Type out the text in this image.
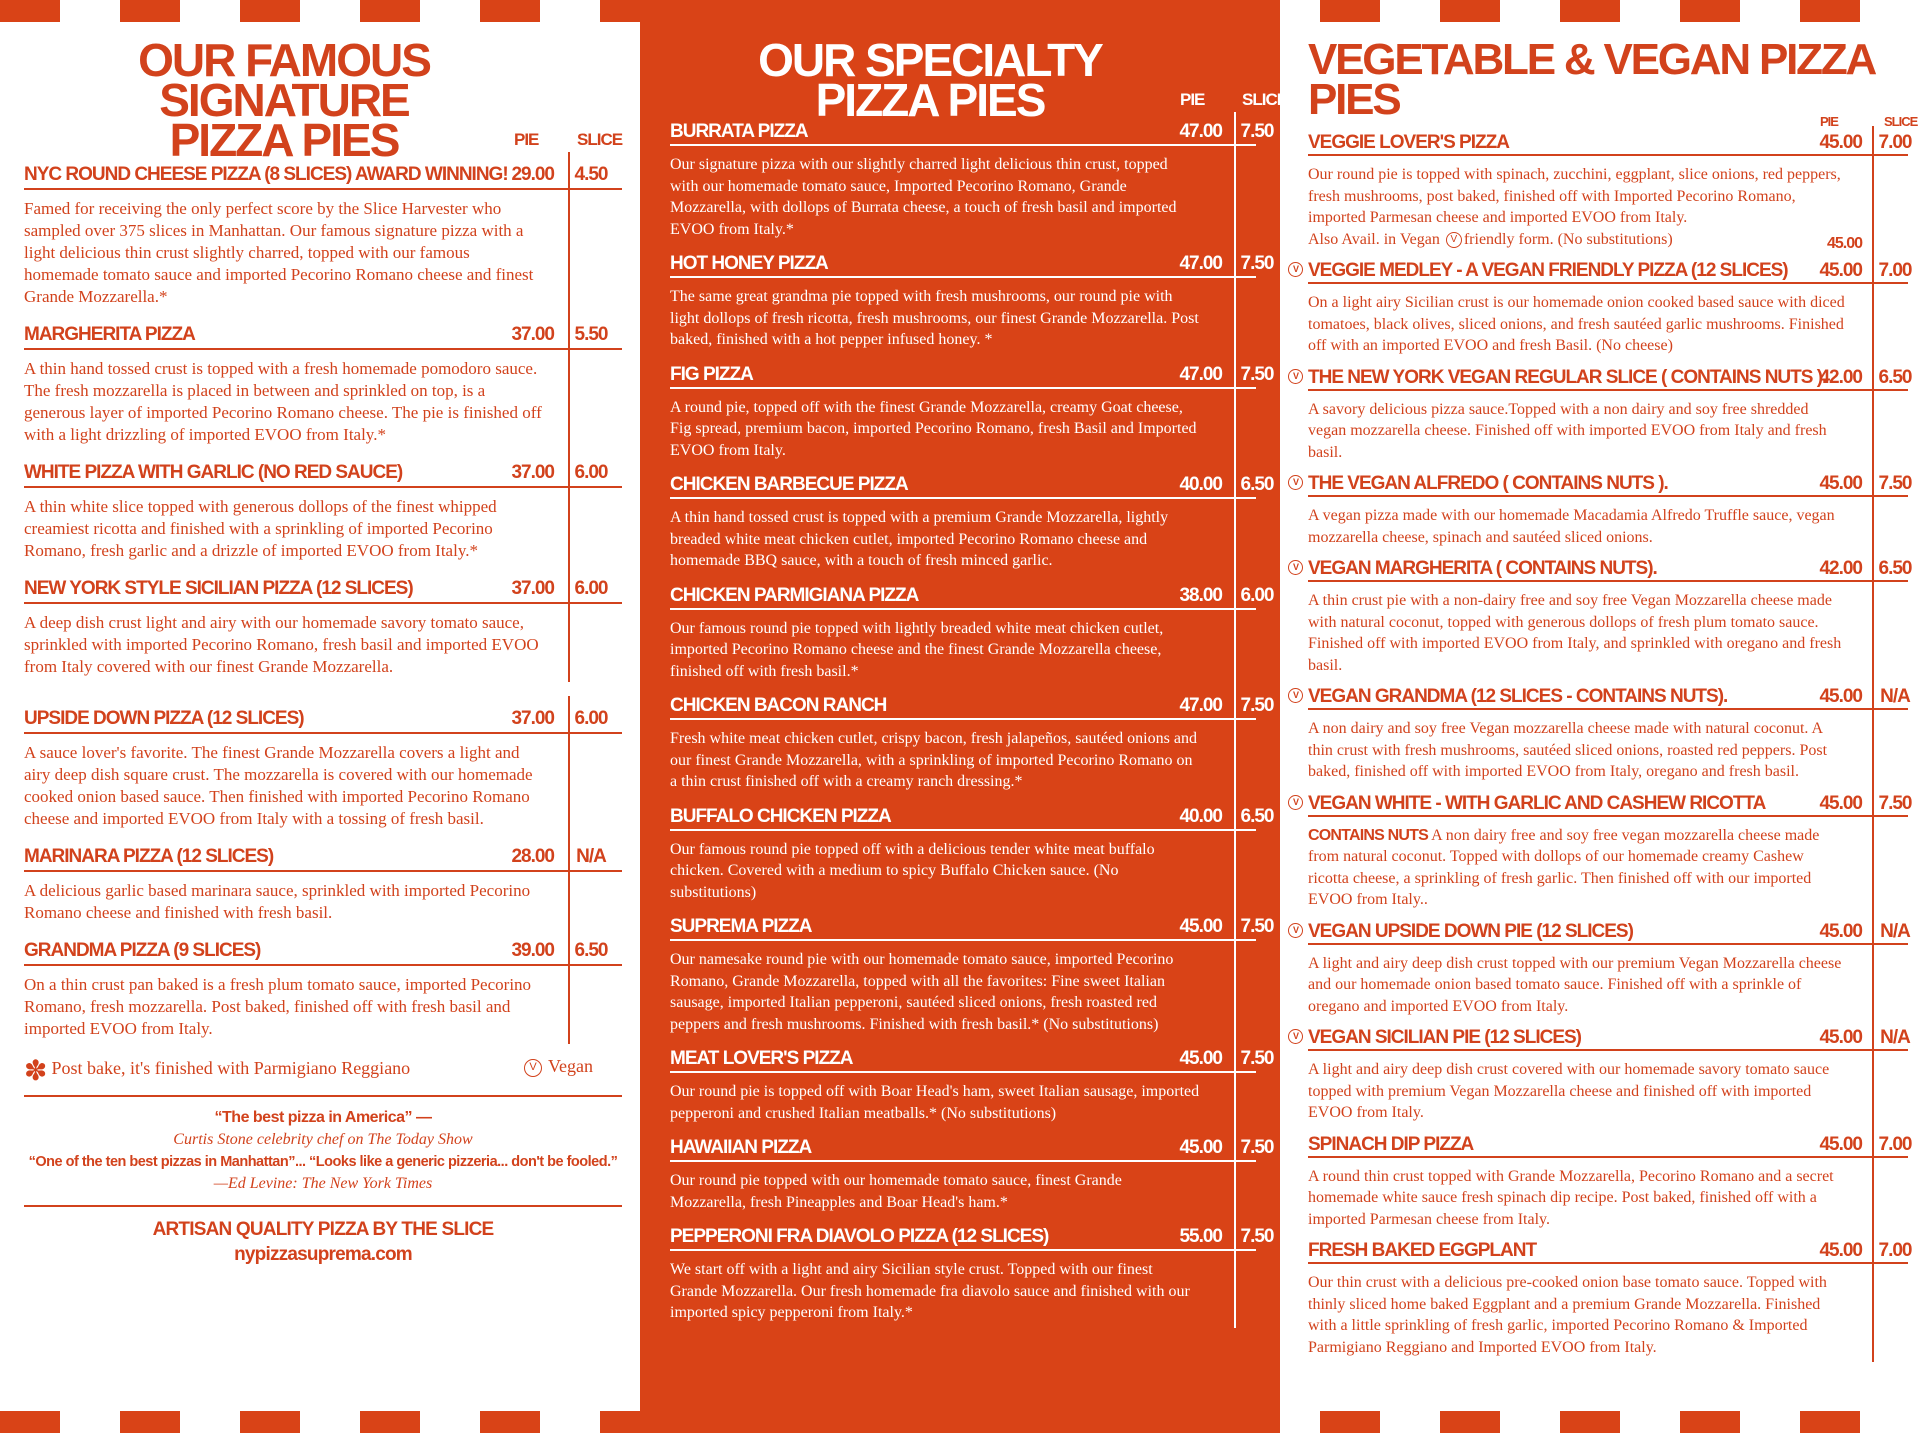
OUR FAMOUS SIGNATURE
PIZZA PIES	PIE SLICE
NYC ROUND CHEESE PIZZA (8 SLICES) AWARD WINNING! 29.00	4.50
Famed for receiving the only perfect score by the Slice Harvester who sampled over 375 slices in Manhattan. Our famous signature pizza with a light delicious thin crust slightly charred, topped with our famous homemade tomato sauce and imported Pecorino Romano cheese and finest Grande Mozzarella.*
MARGHERITA PIZZA	37.00	5.50
A thin hand tossed crust is topped with a fresh homemade pomodoro sauce. The fresh mozzarella is placed in between and sprinkled on top, is a generous layer of imported Pecorino Romano cheese. The pie is finished off with a light drizzling of imported EVOO from Italy.*
WHITE PIZZA WITH GARLIC (NO RED SAUCE)	37.00	6.00
A thin white slice topped with generous dollops of the finest whipped creamiest ricotta and finished with a sprinkling of imported Pecorino Romano, fresh garlic and a drizzle of imported EVOO from Italy.*
NEW YORK STYLE SICILIAN PIZZA (12 SLICES)	37.00	6.00
A deep dish crust light and airy with our homemade savory tomato sauce, sprinkled with imported Pecorino Romano, fresh basil and imported EVOO from Italy covered with our finest Grande Mozzarella.
UPSIDE DOWN PIZZA (12 SLICES)	37.00	6.00
A sauce lover's favorite. The finest Grande Mozzarella covers a light and airy deep dish square crust. The mozzarella is covered with our homemade cooked onion based sauce. Then finished with imported Pecorino Romano cheese and imported EVOO from Italy with a tossing of fresh basil.
MARINARA PIZZA (12 SLICES)	28.00	N/A
A delicious garlic based marinara sauce, sprinkled with imported Pecorino Romano cheese and finished with fresh basil.
GRANDMA PIZZA (9 SLICES)	39.00	6.50
On a thin crust pan baked is a fresh plum tomato sauce, imported Pecorino Romano, fresh mozzarella. Post baked, finished off with fresh basil and imported EVOO from Italy.
✽ Post bake, it's finished with Parmigiano Reggiano	V Vegan
“The best pizza in America” —
Curtis Stone celebrity chef on The Today Show
“One of the ten best pizzas in Manhattan”... “Looks like a generic pizzeria... don't be fooled.”
—Ed Levine: The New York Times
ARTISAN QUALITY PIZZA BY THE SLICE
nypizzasuprema.com
OUR SPECIALTY
PIZZA PIES	PIE SLICE
BURRATA PIZZA	47.00 7.50
Our signature pizza with our slightly charred light delicious thin crust, topped with our homemade tomato sauce, Imported Pecorino Romano, Grande Mozzarella, with dollops of Burrata cheese, a touch of fresh basil and imported EVOO from Italy.*
HOT HONEY PIZZA	47.00 7.50
The same great grandma pie topped with fresh mushrooms, our round pie with light dollops of fresh ricotta, fresh mushrooms, our finest Grande Mozzarella. Post baked, finished with a hot pepper infused honey. *
FIG PIZZA	47.00 7.50
A round pie, topped off with the finest Grande Mozzarella, creamy Goat cheese, Fig spread, premium bacon, imported Pecorino Romano, fresh Basil and Imported EVOO from Italy.
CHICKEN BARBECUE PIZZA	40.00 6.50
A thin hand tossed crust is topped with a premium Grande Mozzarella, lightly breaded white meat chicken cutlet, imported Pecorino Romano cheese and homemade BBQ sauce, with a touch of fresh minced garlic.
CHICKEN PARMIGIANA PIZZA	38.00 6.00
Our famous round pie topped with lightly breaded white meat chicken cutlet, imported Pecorino Romano cheese and the finest Grande Mozzarella cheese, finished off with fresh basil.*
CHICKEN BACON RANCH	47.00 7.50
Fresh white meat chicken cutlet, crispy bacon, fresh jalapeños, sautéed onions and our finest Grande Mozzarella, with a sprinkling of imported Pecorino Romano on a thin crust finished off with a creamy ranch dressing.*
BUFFALO CHICKEN PIZZA	40.00 6.50
Our famous round pie topped off with a delicious tender white meat buffalo chicken. Covered with a medium to spicy Buffalo Chicken sauce. (No substitutions)
SUPREMA PIZZA	45.00 7.50
Our namesake round pie with our homemade tomato sauce, imported Pecorino Romano, Grande Mozzarella, topped with all the favorites: Fine sweet Italian sausage, imported Italian pepperoni, sautéed sliced onions, fresh roasted red peppers and fresh mushrooms. Finished with fresh basil.* (No substitutions)
MEAT LOVER'S PIZZA	45.00 7.50
Our round pie is topped off with Boar Head's ham, sweet Italian sausage, imported pepperoni and crushed Italian meatballs.* (No substitutions)
HAWAIIAN PIZZA	45.00 7.50
Our round pie topped with our homemade tomato sauce, finest Grande Mozzarella, fresh Pineapples and Boar Head's ham.*
PEPPERONI FRA DIAVOLO PIZZA (12 SLICES)	55.00 7.50
We start off with a light and airy Sicilian style crust. Topped with our finest Grande Mozzarella. Our fresh homemade fra diavolo sauce and finished with our imported spicy pepperoni from Italy.*
VEGETABLE & VEGAN PIZZA PIES	PIE	SLICE
VEGGIE LOVER'S PIZZA	45.00 7.00
Our round pie is topped with spinach, zucchini, eggplant, slice onions, red peppers, fresh mushrooms, post baked, finished off with Imported Pecorino Romano, imported Parmesan cheese and imported EVOO from Italy.
Also Avail. in Vegan V friendly form. (No substitutions)	45.00
V VEGGIE MEDLEY - A VEGAN FRIENDLY PIZZA (12 SLICES)	45.00 7.00
On a light airy Sicilian crust is our homemade onion cooked based sauce with diced tomatoes, black olives, sliced onions, and fresh sautéed garlic mushrooms. Finished off with an imported EVOO and fresh Basil. (No cheese)
V THE NEW YORK VEGAN REGULAR SLICE ( CONTAINS NUTS ).
42.00 6.50
A savory delicious pizza sauce.Topped with a non dairy and soy free shredded vegan mozzarella cheese. Finished off with imported EVOO from Italy and fresh basil.
V THE VEGAN ALFREDO ( CONTAINS NUTS ).	45.00 7.50
A vegan pizza made with our homemade Macadamia Alfredo Truffle sauce, vegan mozzarella cheese, spinach and sautéed sliced onions.
V VEGAN MARGHERITA ( CONTAINS NUTS).	42.00 6.50
A thin crust pie with a non-dairy free and soy free Vegan Mozzarella cheese made with natural coconut, topped with generous dollops of fresh plum tomato sauce. Finished off with imported EVOO from Italy, and sprinkled with oregano and fresh basil.
V VEGAN GRANDMA (12 SLICES - CONTAINS NUTS).	45.00 N/A
A non dairy and soy free Vegan mozzarella cheese made with natural coconut. A thin crust with fresh mushrooms, sautéed sliced onions, roasted red peppers. Post baked, finished off with imported EVOO from Italy, oregano and fresh basil.
V VEGAN WHITE - WITH GARLIC AND CASHEW RICOTTA	45.00 7.50
CONTAINS NUTS A non dairy free and soy free vegan mozzarella cheese made from natural coconut. Topped with dollops of our homemade creamy Cashew ricotta cheese, a sprinkling of fresh garlic. Then finished off with our imported EVOO from Italy..
V VEGAN UPSIDE DOWN PIE (12 SLICES)	45.00 N/A
A light and airy deep dish crust topped with our premium Vegan Mozzarella cheese and our homemade onion based tomato sauce. Finished off with a sprinkle of oregano and imported EVOO from Italy.
V VEGAN SICILIAN PIE (12 SLICES)	45.00 N/A
A light and airy deep dish crust covered with our homemade savory tomato sauce topped with premium Vegan Mozzarella cheese and finished off with imported EVOO from Italy.
SPINACH DIP PIZZA	45.00 7.00
A round thin crust topped with Grande Mozzarella, Pecorino Romano and a secret homemade white sauce fresh spinach dip recipe. Post baked, finished off with a imported Parmesan cheese from Italy.
FRESH BAKED EGGPLANT	45.00 7.00
Our thin crust with a delicious pre-cooked onion base tomato sauce. Topped with thinly sliced home baked Eggplant and a premium Grande Mozzarella. Finished with a little sprinkling of fresh garlic, imported Pecorino Romano & Imported Parmigiano Reggiano and Imported EVOO from Italy.
